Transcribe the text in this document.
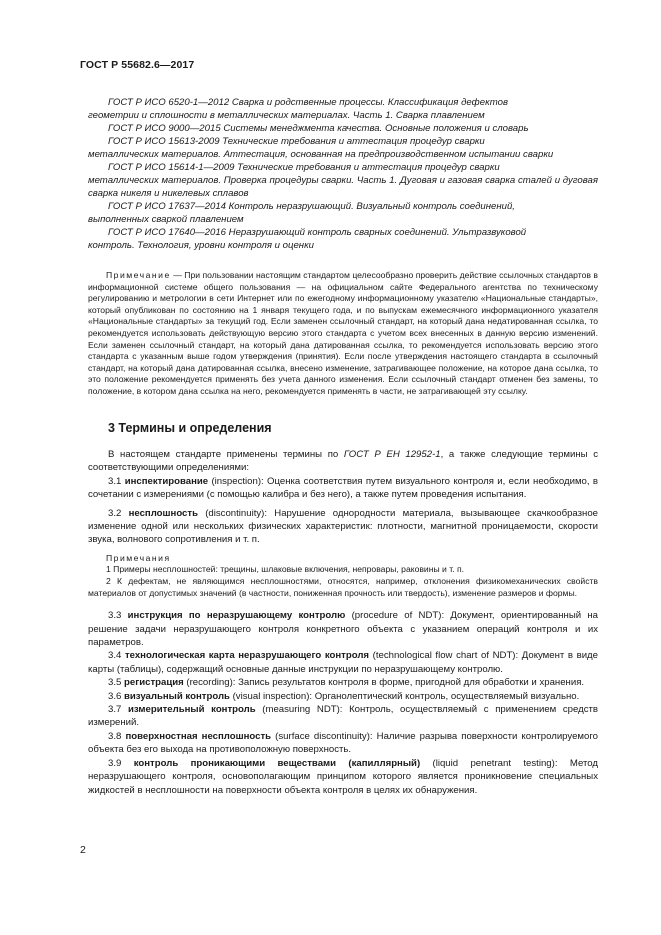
ГОСТ Р 55682.6—2017
ГОСТ Р ИСО 6520-1—2012 Сварка и родственные процессы. Классификация дефектов
геометрии и сплошности в металлических материалах. Часть 1. Сварка плавлением
ГОСТ Р ИСО 9000—2015 Системы менеджмента качества. Основные положения и словарь
ГОСТ Р ИСО 15613-2009 Технические требования и аттестация процедур сварки
металлических материалов. Аттестация, основанная на предпроизводственном испытании сварки
ГОСТ Р ИСО 15614-1—2009 Технические требования и аттестация процедур сварки
металлических материалов. Проверка процедуры сварки. Часть 1. Дуговая и газовая сварка сталей и дуговая сварка никеля и никелевых сплавов
ГОСТ Р ИСО 17637—2014 Контроль неразрушающий. Визуальный контроль соединений,
выполненных сваркой плавлением
ГОСТ Р ИСО 17640—2016 Неразрушающий контроль сварных соединений. Ультразвуковой
контроль. Технология, уровни контроля и оценки
Примечание — При пользовании настоящим стандартом целесообразно проверить действие ссылочных стандартов в информационной системе общего пользования — на официальном сайте Федерального агентства по техническому регулированию и метрологии в сети Интернет или по ежегодному информационному указателю «Национальные стандарты», который опубликован по состоянию на 1 января текущего года, и по выпускам ежемесячного информационного указателя «Национальные стандарты» за текущий год. Если заменен ссылочный стандарт, на который дана недатированная ссылка, то рекомендуется использовать действующую версию этого стандарта с учетом всех внесенных в данную версию изменений. Если заменен ссылочный стандарт, на который дана датированная ссылка, то рекомендуется использовать версию этого стандарта с указанным выше годом утверждения (принятия). Если после утверждения настоящего стандарта в ссылочный стандарт, на который дана датированная ссылка, внесено изменение, затрагивающее положение, на которое дана ссылка, то это положение рекомендуется применять без учета данного изменения. Если ссылочный стандарт отменен без замены, то положение, в котором дана ссылка на него, рекомендуется применять в части, не затрагивающей эту ссылку.
3 Термины и определения

В настоящем стандарте применены термины по ГОСТ Р ЕН 12952-1, а также следующие термины с соответствующими определениями:

3.1 инспектирование (inspection): Оценка соответствия путем визуального контроля и, если необходимо, в сочетании с измерениями (с помощью калибра и без него), а также путем проведения испытания.

3.2 несплошность (discontinuity): Нарушение однородности материала, вызывающее скачкообразное изменение одной или нескольких физических характеристик: плотности, магнитной проницаемости, скорости звука, волнового сопротивления и т. п.

Примечания
1 Примеры несплошностей: трещины, шлаковые включения, непровары, раковины и т. п.
2 К дефектам, не являющимся несплошностями, относятся, например, отклонения физикомеханических свойств материалов от допустимых значений (в частности, пониженная прочность или твердость), изменение размеров и формы.

3.3 инструкция по неразрушающему контролю (procedure of NDT): Документ, ориентированный на решение задачи неразрушающего контроля конкретного объекта с указанием операций контроля и их параметров.

3.4 технологическая карта неразрушающего контроля (technological flow chart of NDT): Документ в виде карты (таблицы), содержащий основные данные инструкции по неразрушающему контролю.

3.5 регистрация (recording): Запись результатов контроля в форме, пригодной для обработки и хранения.

3.6 визуальный контроль (visual inspection): Органолептический контроль, осуществляемый визуально.

3.7 измерительный контроль (measuring NDT): Контроль, осуществляемый с применением средств измерений.

3.8 поверхностная несплошность (surface discontinuity): Наличие разрыва поверхности контролируемого объекта без его выхода на противоположную поверхность.

3.9 контроль проникающими веществами (капиллярный) (liquid penetrant testing): Метод неразрушающего контроля, основополагающим принципом которого является проникновение специальных жидкостей в несплошности на поверхности объекта контроля в целях их обнаружения.

2
